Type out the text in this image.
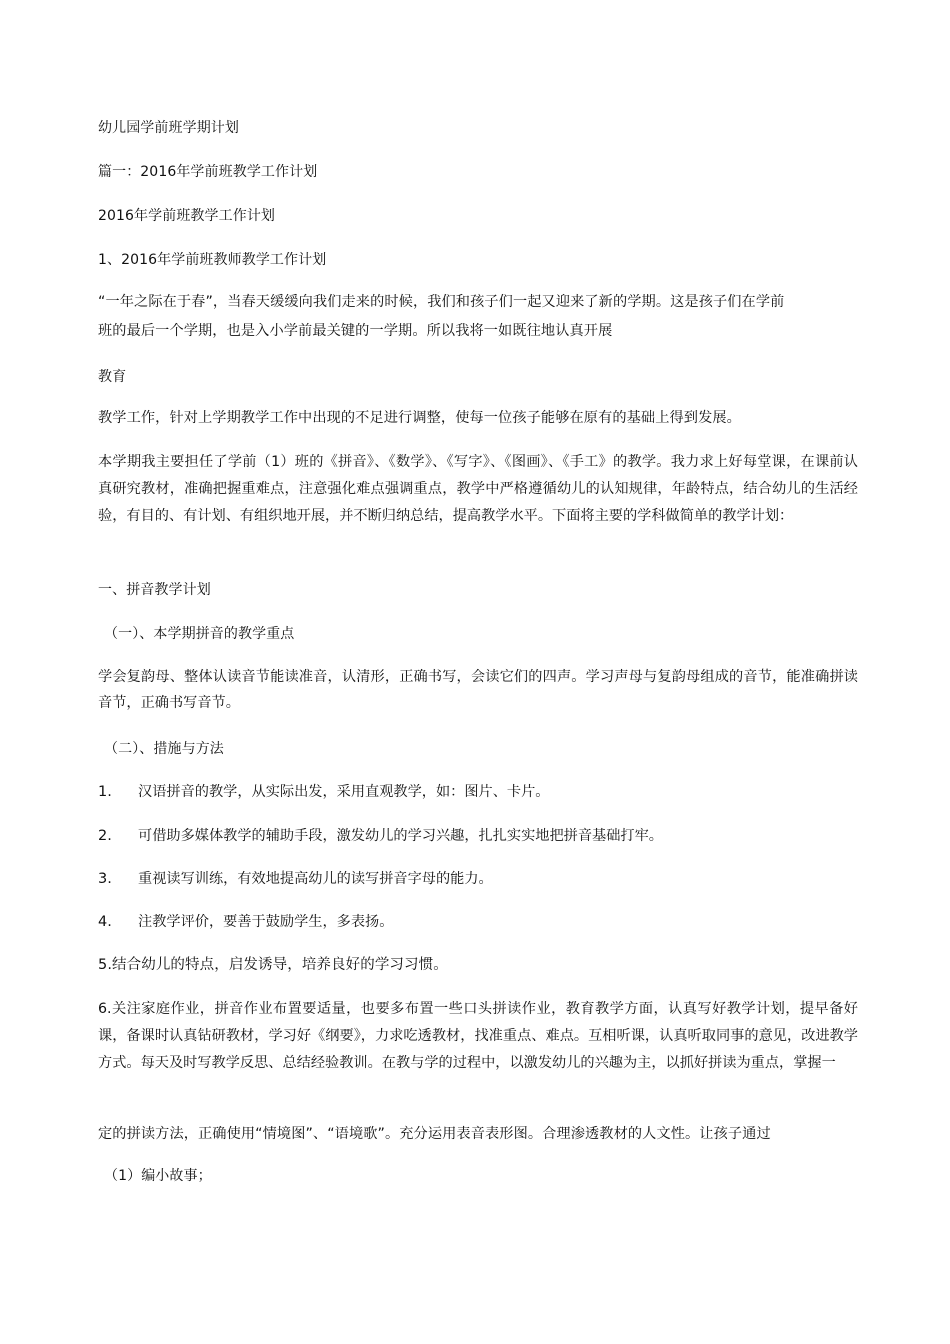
幼儿园学前班学期计划
篇一：2016年学前班教学工作计划
2016年学前班教学工作计划
1、2016年学前班教师教学工作计划
“一年之际在于春”，当春天缓缓向我们走来的时候，我们和孩子们一起又迎来了新的学期。这是孩子们在学前
班的最后一个学期，也是入小学前最关键的一学期。所以我将一如既往地认真开展
教育
教学工作，针对上学期教学工作中出现的不足进行调整，使每一位孩子能够在原有的基础上得到发展。
本学期我主要担任了学前（1）班的《拼音》、《数学》、《写字》、《图画》、《手工》的教学。我力求上好每堂课，在课前认真研究教材，准确把握重难点，注意强化难点强调重点，教学中严格遵循幼儿的认知规律，年龄特点，结合幼儿的生活经验，有目的、有计划、有组织地开展，并不断归纳总结，提高教学水平。下面将主要的学科做简单的教学计划：
一、拼音教学计划
（一）、本学期拼音的教学重点
学会复韵母、整体认读音节能读准音，认清形，正确书写，会读它们的四声。学习声母与复韵母组成的音节，能准确拼读音节，正确书写音节。
（二）、措施与方法
1. 汉语拼音的教学，从实际出发，采用直观教学，如：图片、卡片。
2. 可借助多媒体教学的辅助手段，激发幼儿的学习兴趣，扎扎实实地把拼音基础打牢。
3. 重视读写训练，有效地提高幼儿的读写拼音字母的能力。
4. 注教学评价，要善于鼓励学生，多表扬。
5.结合幼儿的特点，启发诱导，培养良好的学习习惯。
6.关注家庭作业，拼音作业布置要适量，也要多布置一些口头拼读作业，教育教学方面，认真写好教学计划，提早备好课，备课时认真钻研教材，学习好《纲要》，力求吃透教材，找准重点、难点。互相听课，认真听取同事的意见，改进教学方式。每天及时写教学反思、总结经验教训。在教与学的过程中，以激发幼儿的兴趣为主，以抓好拼读为重点，掌握一
定的拼读方法，正确使用“情境图”、“语境歌”。充分运用表音表形图。合理渗透教材的人文性。让孩子通过
（1）编小故事；
